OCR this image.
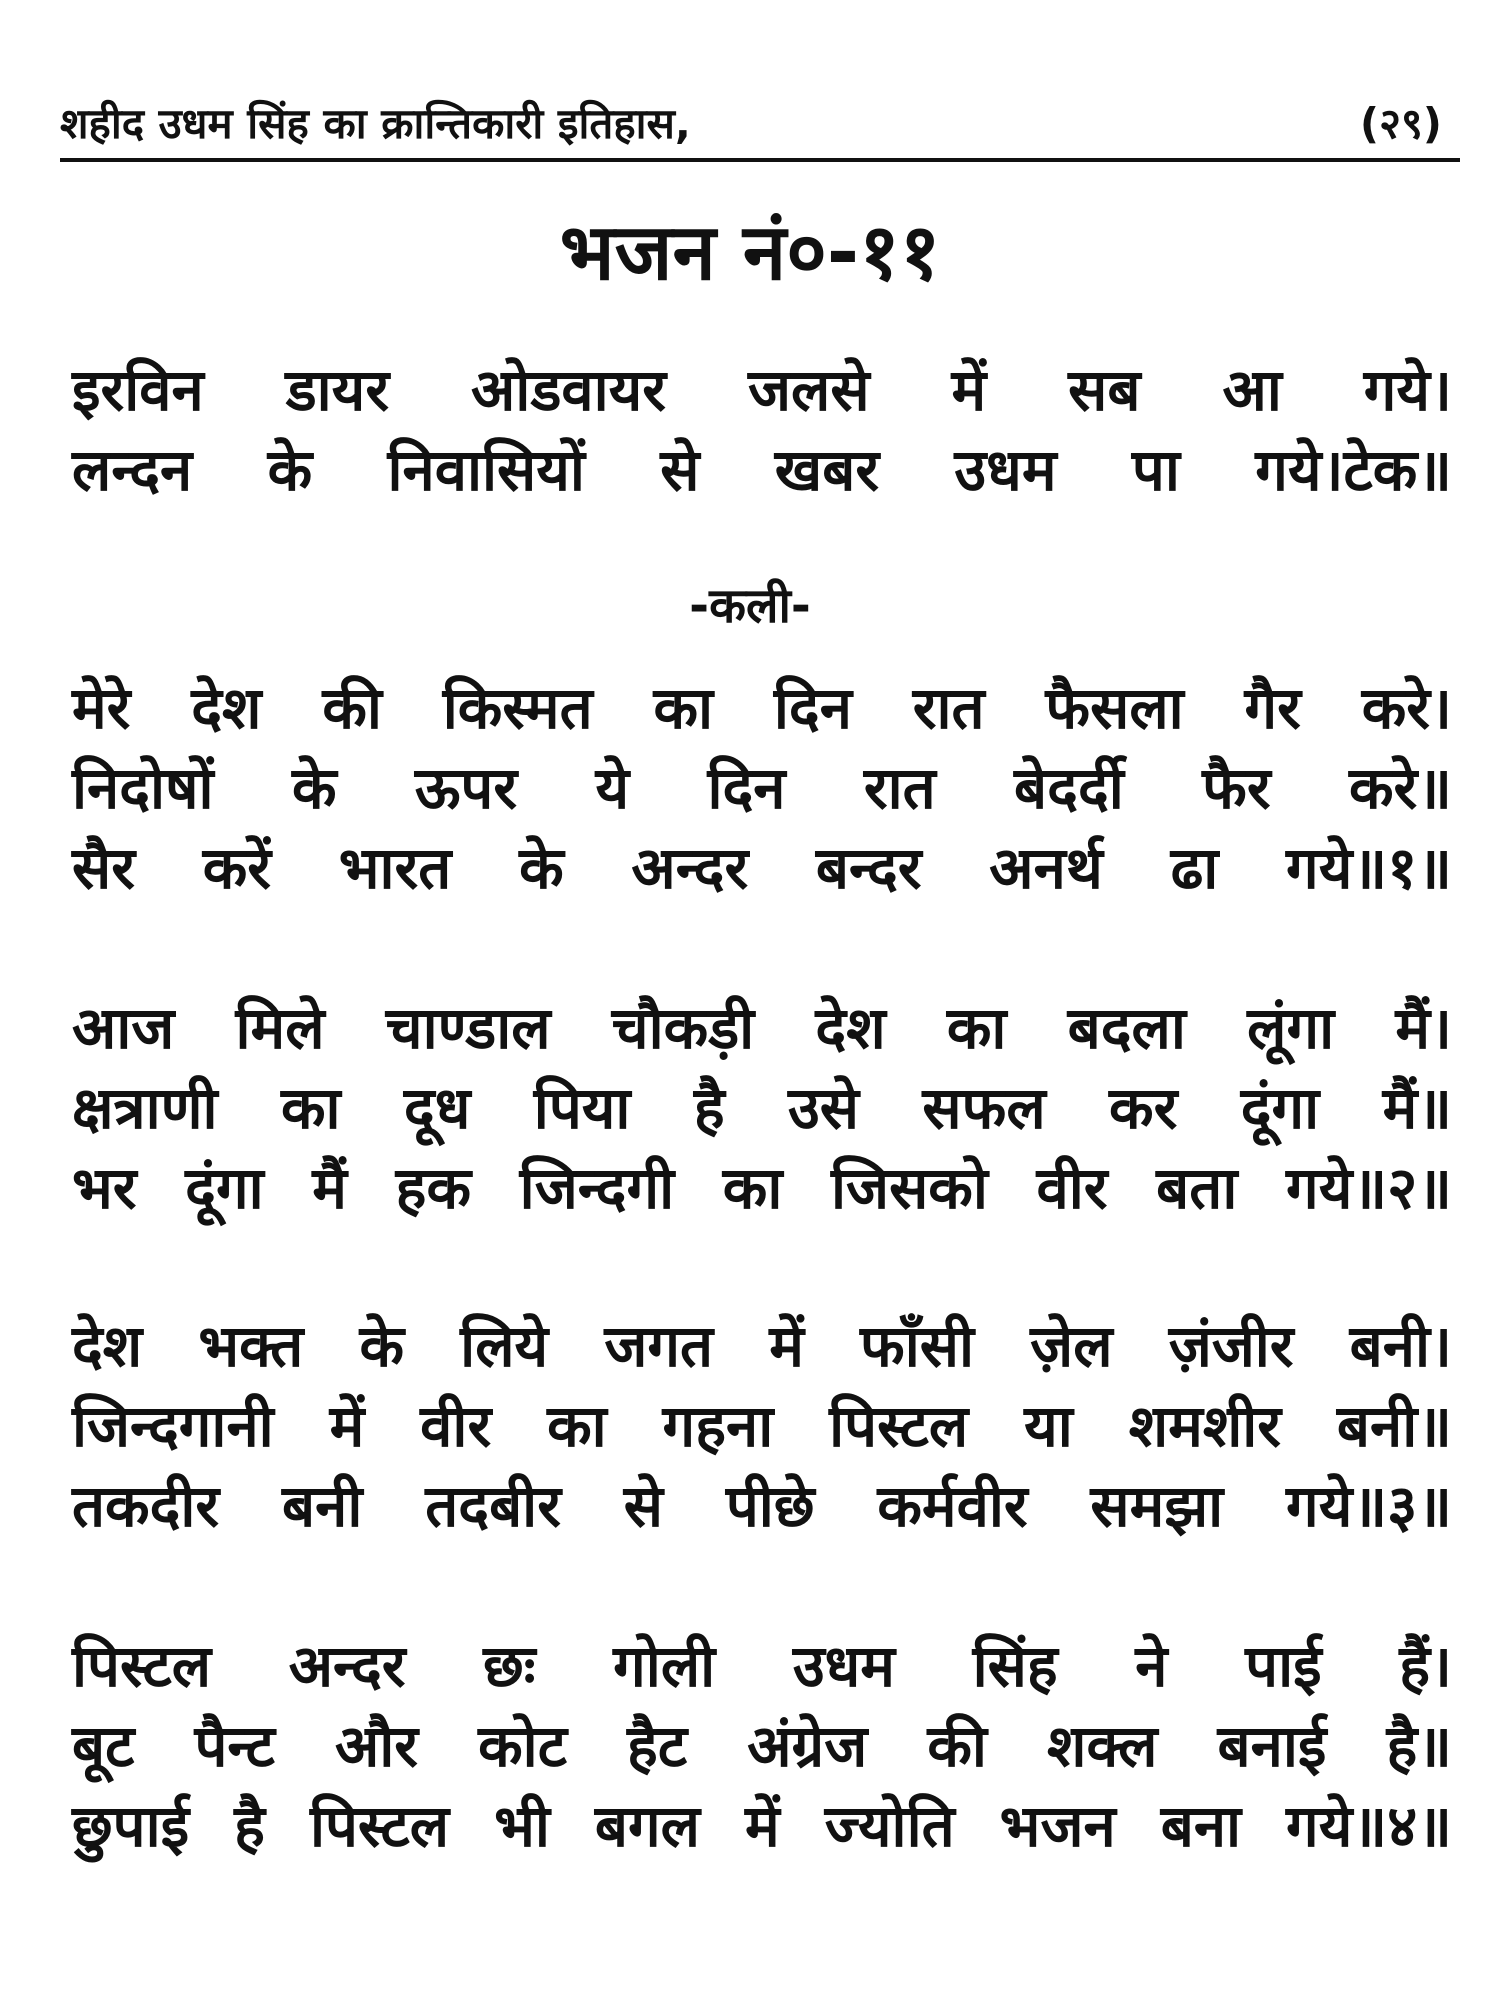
शहीद उधम सिंह का क्रान्तिकारी इतिहास,	(२९)
भजन नं०-११
इरविन डायर ओडवायर जलसे में सब आ गये।
लन्दन के निवासियों से खबर उधम पा गये।टेक॥
-कली-
मेरे देश की किस्मत का दिन रात फैसला गैर करे।
निदोषों के ऊपर ये दिन रात बेदर्दी फैर करे॥
सैर करें भारत के अन्दर बन्दर अनर्थ ढा गये॥१॥
आज मिले चाण्डाल चौकड़ी देश का बदला लूंगा मैं।
क्षत्राणी का दूध पिया है उसे सफल कर दूंगा मैं॥
भर दूंगा मैं हक जिन्दगी का जिसको वीर बता गये॥२॥
देश भक्त के लिये जगत में फाँसी ज़ेल ज़ंजीर बनी।
जिन्दगानी में वीर का गहना पिस्टल या शमशीर बनी॥
तकदीर बनी तदबीर से पीछे कर्मवीर समझा गये॥३॥
पिस्टल अन्दर छः गोली उधम सिंह ने पाई हैं।
बूट पैन्ट और कोट हैट अंग्रेज की शक्ल बनाई है॥
छुपाई है पिस्टल भी बगल में ज्योति भजन बना गये॥४॥
